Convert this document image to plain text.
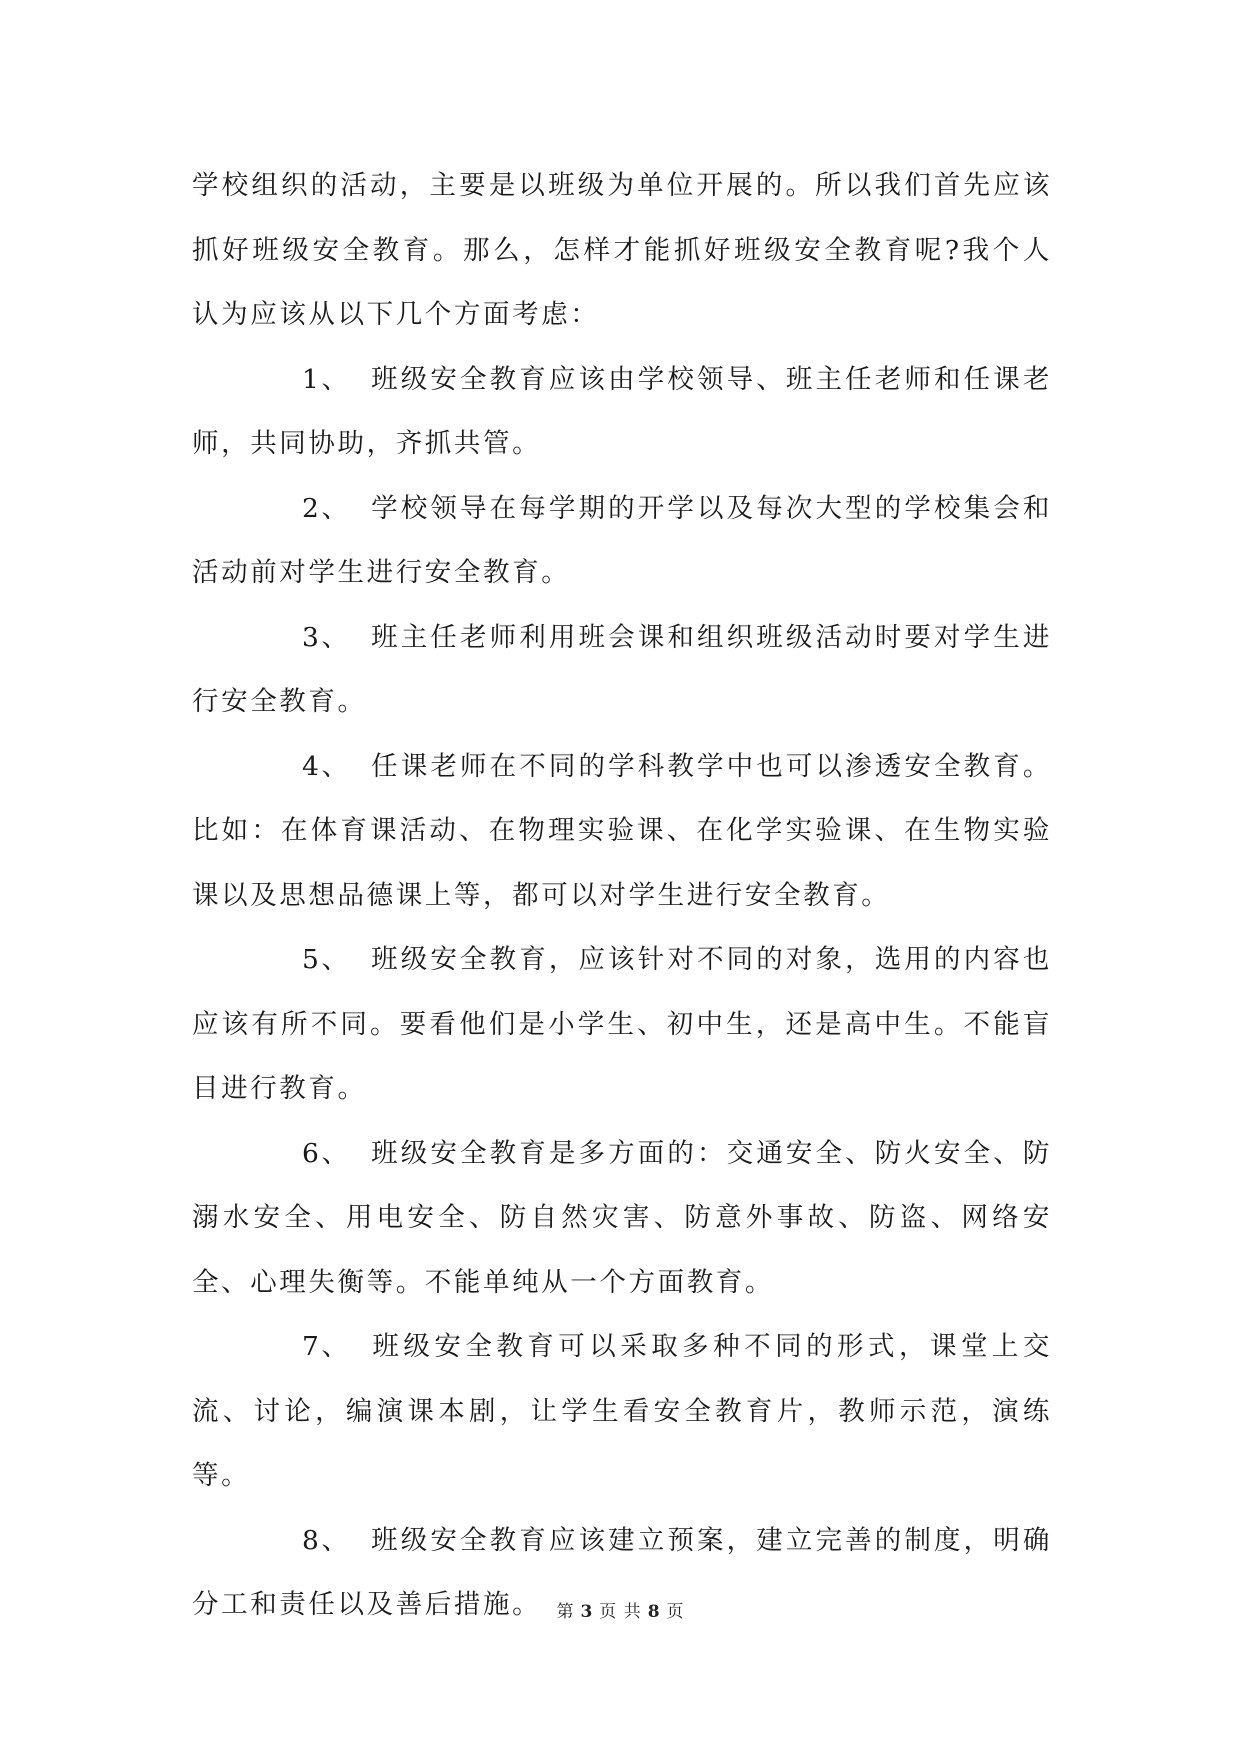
学校组织的活动，主要是以班级为单位开展的。所以我们首先应该抓好班级安全教育。那么，怎样才能抓好班级安全教育呢?我个人认为应该从以下几个方面考虑：

1、 班级安全教育应该由学校领导、班主任老师和任课老师，共同协助，齐抓共管。

2、 学校领导在每学期的开学以及每次大型的学校集会和活动前对学生进行安全教育。

3、 班主任老师利用班会课和组织班级活动时要对学生进行安全教育。

4、 任课老师在不同的学科教学中也可以渗透安全教育。比如：在体育课活动、在物理实验课、在化学实验课、在生物实验课以及思想品德课上等，都可以对学生进行安全教育。

5、 班级安全教育，应该针对不同的对象，选用的内容也应该有所不同。要看他们是小学生、初中生，还是高中生。不能盲目进行教育。

6、 班级安全教育是多方面的：交通安全、防火安全、防溺水安全、用电安全、防自然灾害、防意外事故、防盗、网络安全、心理失衡等。不能单纯从一个方面教育。

7、 班级安全教育可以采取多种不同的形式，课堂上交流、讨论，编演课本剧，让学生看安全教育片，教师示范，演练等。

8、 班级安全教育应该建立预案，建立完善的制度，明确分工和责任以及善后措施。 第 3 页 共 8 页
